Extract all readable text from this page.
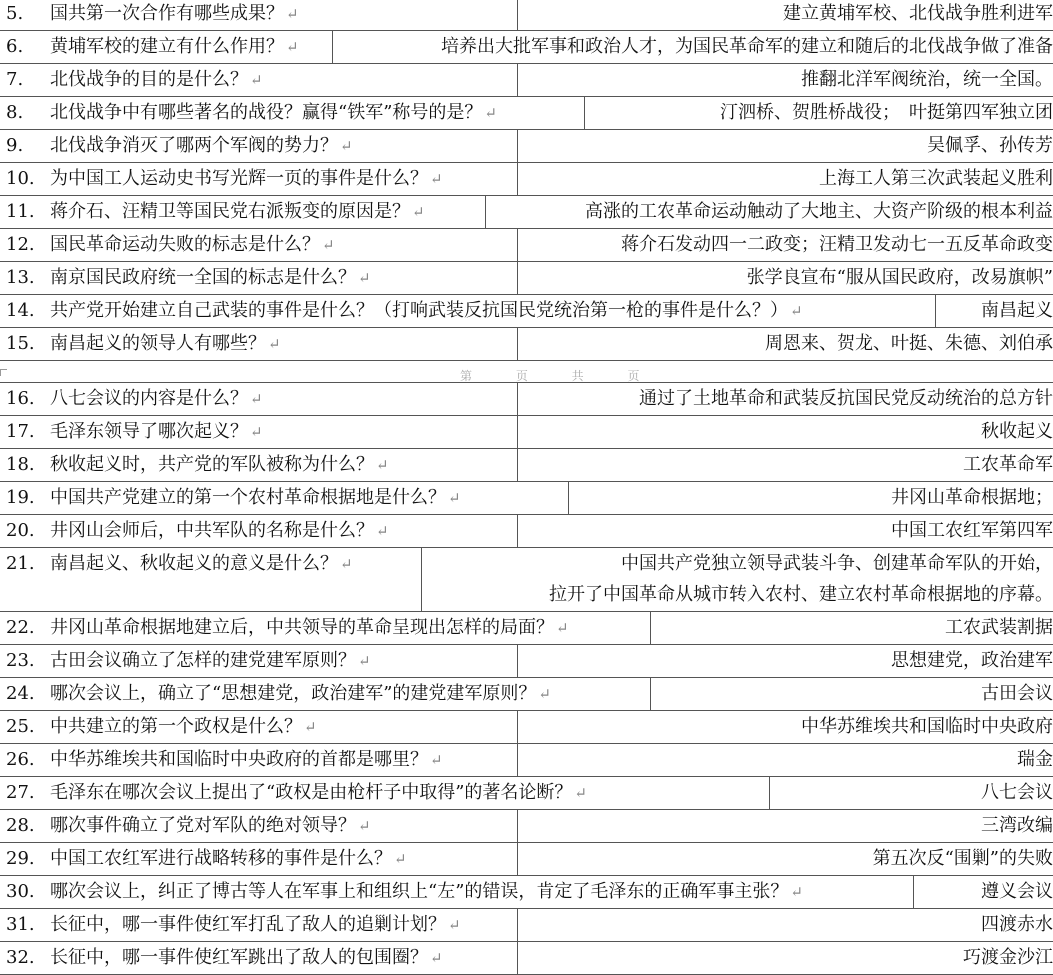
5. 国共第一次合作有哪些成果？ ↵	建立黄埔军校、北伐战争胜利进军
6. 黄埔军校的建立有什么作用？ ↵	培养出大批军事和政治人才，为国民革命军的建立和随后的北伐战争做了准备
7. 北伐战争的目的是什么？ ↵	推翻北洋军阀统治，统一全国。
8. 北伐战争中有哪些著名的战役？赢得“铁军”称号的是？ ↵	汀泗桥、贺胜桥战役；　叶挺第四军独立团
9. 北伐战争消灭了哪两个军阀的势力？ ↵	吴佩孚、孙传芳
10. 为中国工人运动史书写光辉一页的事件是什么？ ↵	上海工人第三次武装起义胜利
11. 蒋介石、汪精卫等国民党右派叛变的原因是？ ↵	高涨的工农革命运动触动了大地主、大资产阶级的根本利益
12. 国民革命运动失败的标志是什么？ ↵	蒋介石发动四一二政变；汪精卫发动七一五反革命政变
13. 南京国民政府统一全国的标志是什么？ ↵	张学良宣布“服从国民政府，改易旗帜”
14. 共产党开始建立自己武装的事件是什么？（打响武装反抗国民党统治第一枪的事件是什么？） ↵	南昌起义
15. 南昌起义的领导人有哪些？ ↵	周恩来、贺龙、叶挺、朱德、刘伯承
第 页 共 页
16. 八七会议的内容是什么？ ↵	通过了土地革命和武装反抗国民党反动统治的总方针
17. 毛泽东领导了哪次起义？ ↵	秋收起义
18. 秋收起义时，共产党的军队被称为什么？ ↵	工农革命军
19. 中国共产党建立的第一个农村革命根据地是什么？ ↵	井冈山革命根据地；
20. 井冈山会师后，中共军队的名称是什么？ ↵	中国工农红军第四军
21. 南昌起义、秋收起义的意义是什么？ ↵	中国共产党独立领导武装斗争、创建革命军队的开始，
拉开了中国革命从城市转入农村、建立农村革命根据地的序幕。
22. 井冈山革命根据地建立后，中共领导的革命呈现出怎样的局面？ ↵	工农武装割据
23. 古田会议确立了怎样的建党建军原则？ ↵	思想建党，政治建军
24. 哪次会议上，确立了“思想建党，政治建军”的建党建军原则？ ↵	古田会议
25. 中共建立的第一个政权是什么？ ↵	中华苏维埃共和国临时中央政府
26. 中华苏维埃共和国临时中央政府的首都是哪里？ ↵	瑞金
27. 毛泽东在哪次会议上提出了“政权是由枪杆子中取得”的著名论断？ ↵	八七会议
28. 哪次事件确立了党对军队的绝对领导？ ↵	三湾改编
29. 中国工农红军进行战略转移的事件是什么？ ↵	第五次反“围剿”的失败
30. 哪次会议上，纠正了博古等人在军事上和组织上“左”的错误，肯定了毛泽东的正确军事主张？ ↵	遵义会议
31. 长征中，哪一事件使红军打乱了敌人的追剿计划？ ↵	四渡赤水
32. 长征中，哪一事件使红军跳出了敌人的包围圈？ ↵	巧渡金沙江
